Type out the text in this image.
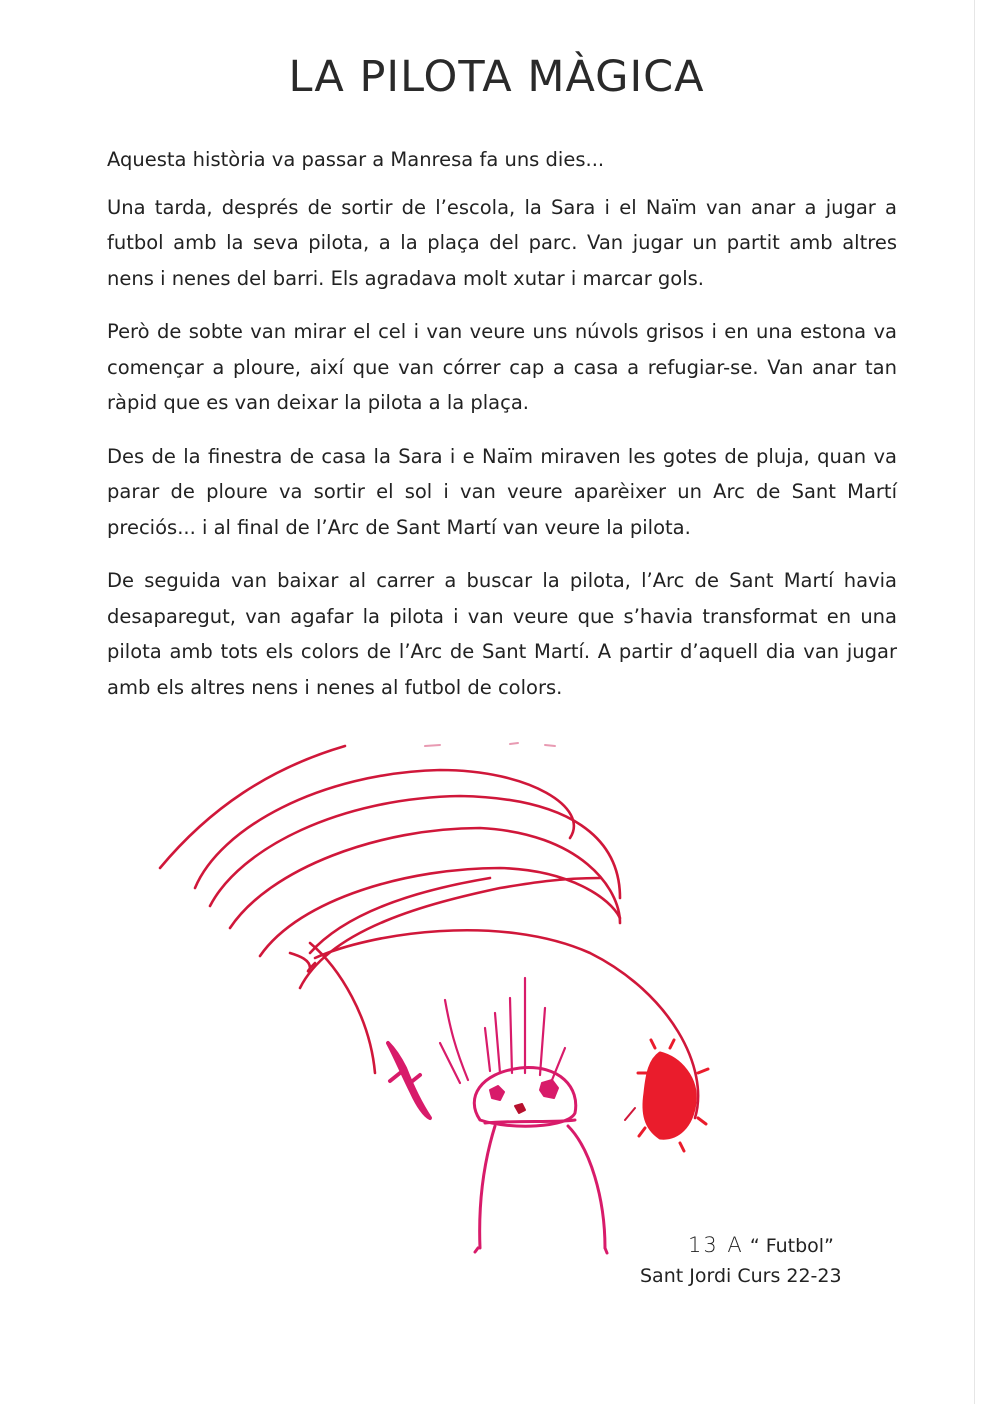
LA PILOTA MÀGICA

Aquesta història va passar a Manresa fa uns dies...

Una tarda, després de sortir de l’escola, la Sara i el Naïm van anar a jugar a futbol amb la seva pilota, a la plaça del parc. Van jugar un partit amb altres nens i nenes del barri. Els agradava molt xutar i marcar gols.

Però de sobte van mirar el cel i van veure uns núvols grisos i en una estona va començar a ploure, així que van córrer cap a casa a refugiar-se. Van anar tan ràpid que es van deixar la pilota a la plaça.

Des de la finestra de casa la Sara i e Naïm miraven les gotes de pluja, quan va parar de ploure va sortir el sol i van veure aparèixer un Arc de Sant Martí preciós... i al final de l’Arc de Sant Martí van veure la pilota.

De seguida van baixar al carrer a buscar la pilota, l’Arc de Sant Martí havia desaparegut, van agafar la pilota i van veure que s’havia transformat en una pilota amb tots els colors de l’Arc de Sant Martí. A partir d’aquell dia van jugar amb els altres nens i nenes al futbol de colors.

13 A “ Futbol”
Sant Jordi Curs 22-23
